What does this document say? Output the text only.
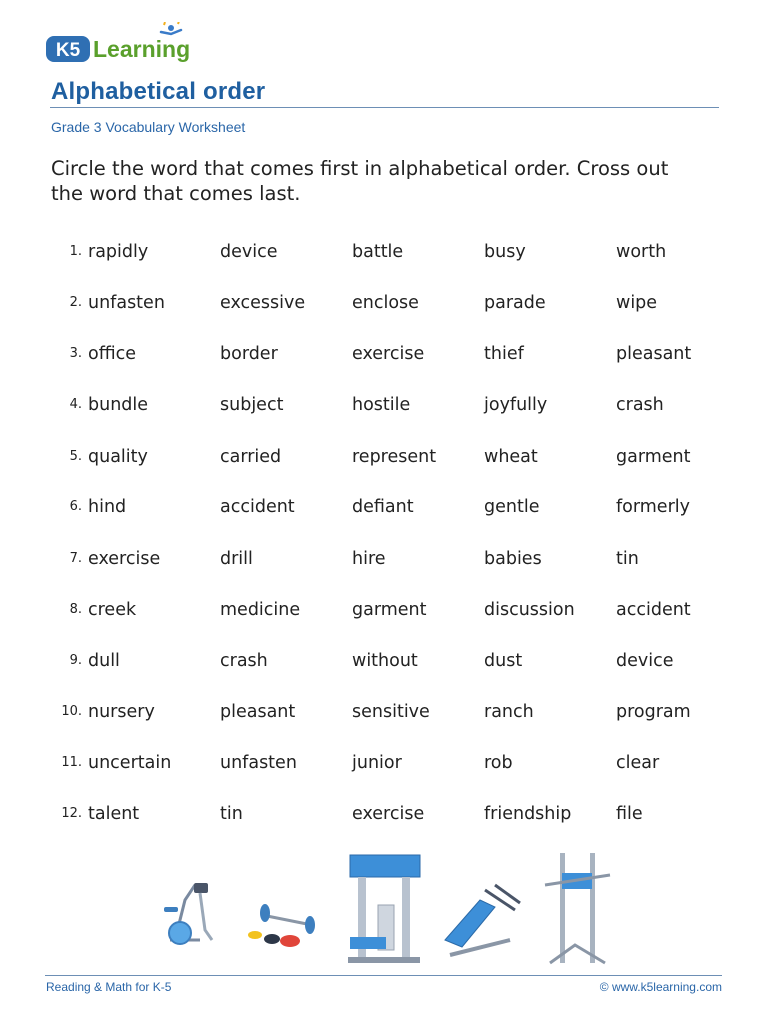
K5 Learning
Alphabetical order
Grade 3 Vocabulary Worksheet

Circle the word that comes first in alphabetical order. Cross out the word that comes last.

1. rapidly	device	battle	busy	worth
2. unfasten	excessive	enclose	parade	wipe
3. office	border	exercise	thief	pleasant
4. bundle	subject	hostile	joyfully	crash
5. quality	carried	represent	wheat	garment
6. hind	accident	defiant	gentle	formerly
7. exercise	drill	hire	babies	tin
8. creek	medicine	garment	discussion accident
9. dull	crash	without	dust	device
10. nursery	pleasant	sensitive	ranch	program
11. uncertain	unfasten	junior	rob	clear
12. talent	tin	exercise	friendship	file
Reading & Math for K-5	© www.k5learning.com
